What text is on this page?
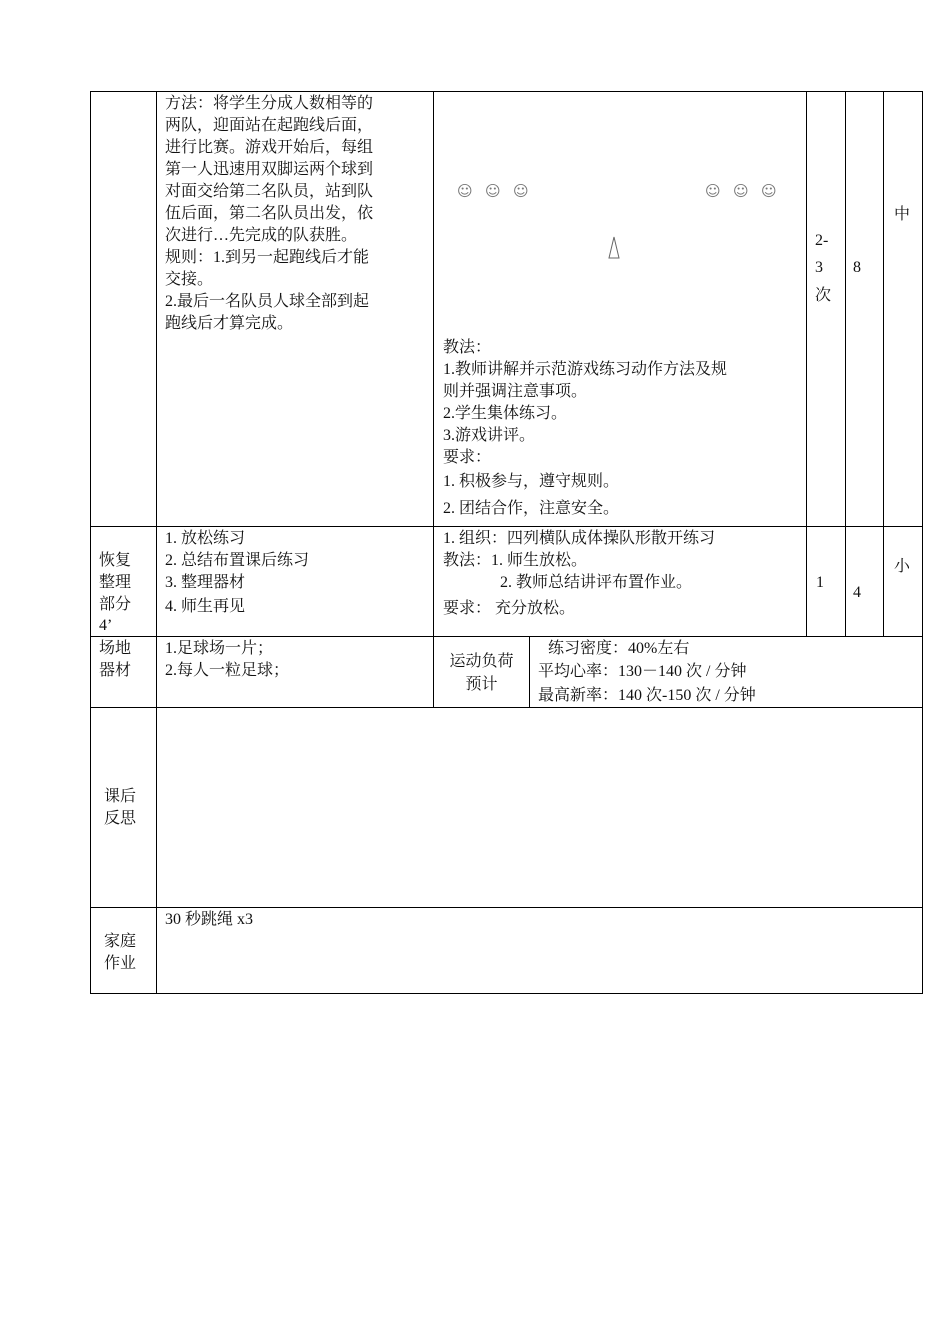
方法：将学生分成人数相等的
两队，迎面站在起跑线后面，
进行比赛。游戏开始后，每组
第一人迅速用双脚运两个球到
对面交给第二名队员，站到队
伍后面，第二名队员出发，依
次进行…先完成的队获胜。
规则：1.到另一起跑线后才能
交接。
2.最后一名队员人球全部到起
跑线后才算完成。
☺ ☺ ☺	☺ ☺ ☺
教法：
1.教师讲解并示范游戏练习动作方法及规
则并强调注意事项。
2.学生集体练习。
3.游戏讲评。
要求：
1. 积极参与，遵守规则。
2. 团结合作，注意安全。
2-
3
次
8
中
恢复
整理
部分
4’
1. 放松练习
2. 总结布置课后练习
3. 整理器材
4. 师生再见
1. 组织：四列横队成体操队形散开练习
教法：1. 师生放松。
2. 教师总结讲评布置作业。
要求： 充分放松。
1
4
小
场地
器材
1.足球场一片；
2.每人一粒足球；
运动负荷
预计
练习密度：40%左右
平均心率：130－140 次 / 分钟
最高新率：140 次-150 次 / 分钟
课后
反思
家庭
作业
30 秒跳绳 x3
